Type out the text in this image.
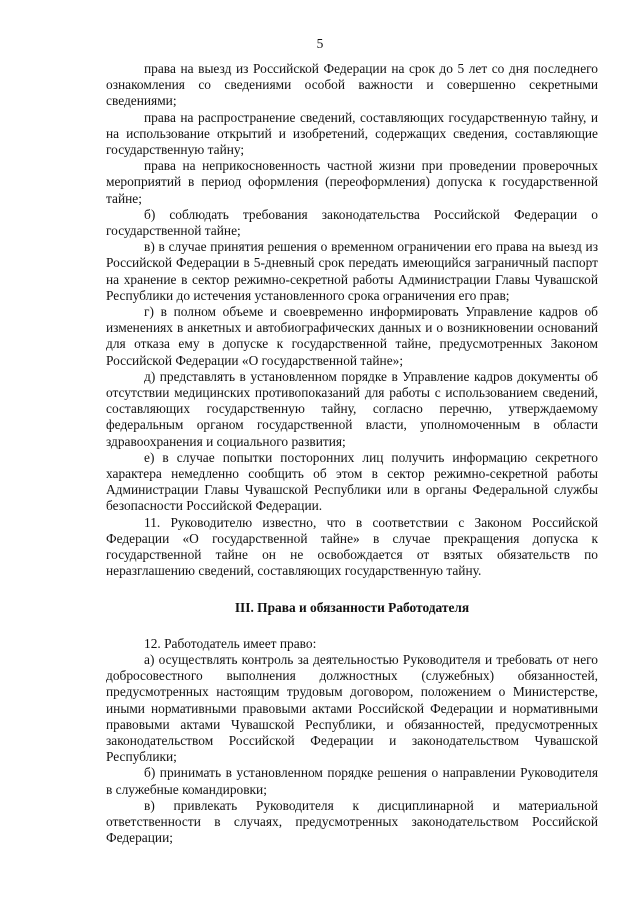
5

права на выезд из Российской Федерации на срок до 5 лет со дня последнего ознакомления со сведениями особой важности и совершенно секретными сведениями;

права на распространение сведений, составляющих государственную тайну, и на использование открытий и изобретений, содержащих сведения, составляющие государственную тайну;

права на неприкосновенность частной жизни при проведении проверочных мероприятий в период оформления (переоформления) допуска к государственной тайне;

б) соблюдать требования законодательства Российской Федерации о государственной тайне;

в) в случае принятия решения о временном ограничении его права на выезд из Российской Федерации в 5-дневный срок передать имеющийся заграничный паспорт на хранение в сектор режимно-секретной работы Администрации Главы Чувашской Республики до истечения установленного срока ограничения его прав;

г) в полном объеме и своевременно информировать Управление кадров об изменениях в анкетных и автобиографических данных и о возникновении оснований для отказа ему в допуске к государственной тайне, предусмотренных Законом Российской Федерации «О государственной тайне»;

д) представлять в установленном порядке в Управление кадров документы об отсутствии медицинских противопоказаний для работы с использованием сведений, составляющих государственную тайну, согласно перечню, утверждаемому федеральным органом государственной власти, уполномоченным в области здравоохранения и социального развития;

е) в случае попытки посторонних лиц получить информацию секретного характера немедленно сообщить об этом в сектор режимно-секретной работы Администрации Главы Чувашской Республики или в органы Федеральной службы безопасности Российской Федерации.

11. Руководителю известно, что в соответствии с Законом Российской Федерации «О государственной тайне» в случае прекращения допуска к государственной тайне он не освобождается от взятых обязательств по неразглашению сведений, составляющих государственную тайну.

III. Права и обязанности Работодателя

12. Работодатель имеет право:

а) осуществлять контроль за деятельностью Руководителя и требовать от него добросовестного выполнения должностных (служебных) обязанностей, предусмотренных настоящим трудовым договором, положением о Министерстве, иными нормативными правовыми актами Российской Федерации и нормативными правовыми актами Чувашской Республики, и обязанностей, предусмотренных законодательством Российской Федерации и законодательством Чувашской Республики;

б) принимать в установленном порядке решения о направлении Руководителя в служебные командировки;

в) привлекать Руководителя к дисциплинарной и материальной ответственности в случаях, предусмотренных законодательством Российской Федерации;
